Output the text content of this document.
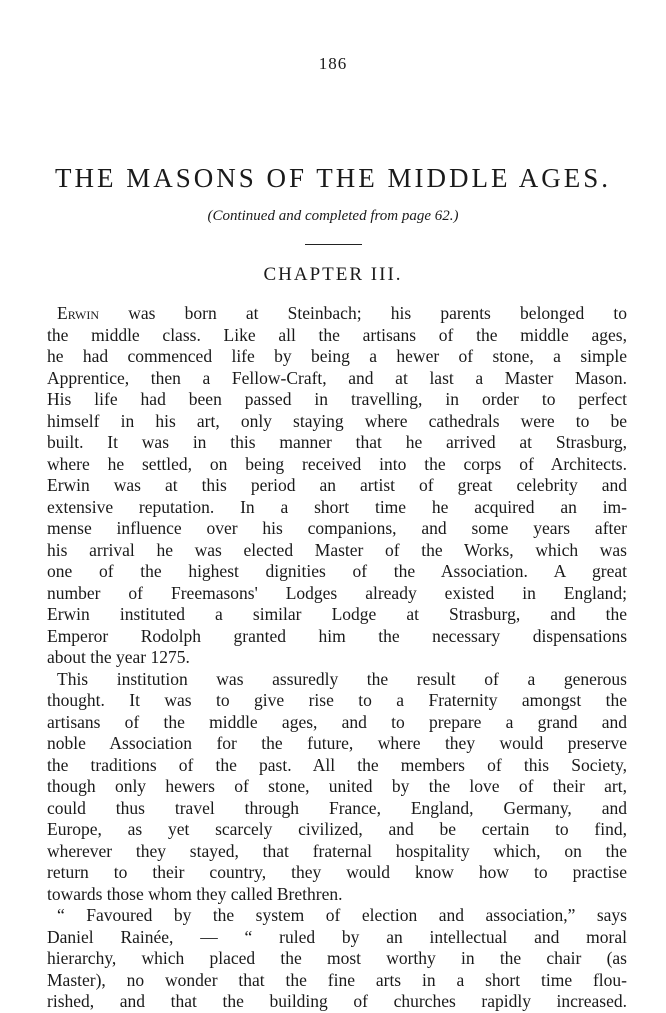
186
THE MASONS OF THE MIDDLE AGES.
(Continued and completed from page 62.)
CHAPTER III.
Erwin was born at Steinbach; his parents belonged to
the middle class. Like all the artisans of the middle ages,
he had commenced life by being a hewer of stone, a simple
Apprentice, then a Fellow-Craft, and at last a Master Mason.
His life had been passed in travelling, in order to perfect
himself in his art, only staying where cathedrals were to be
built. It was in this manner that he arrived at Strasburg,
where he settled, on being received into the corps of Architects.
Erwin was at this period an artist of great celebrity and
extensive reputation. In a short time he acquired an im-
mense influence over his companions, and some years after
his arrival he was elected Master of the Works, which was
one of the highest dignities of the Association. A great
number of Freemasons' Lodges already existed in England;
Erwin instituted a similar Lodge at Strasburg, and the
Emperor Rodolph granted him the necessary dispensations
about the year 1275.
This institution was assuredly the result of a generous
thought. It was to give rise to a Fraternity amongst the
artisans of the middle ages, and to prepare a grand and
noble Association for the future, where they would preserve
the traditions of the past. All the members of this Society,
though only hewers of stone, united by the love of their art,
could thus travel through France, England, Germany, and
Europe, as yet scarcely civilized, and be certain to find,
wherever they stayed, that fraternal hospitality which, on the
return to their country, they would know how to practise
towards those whom they called Brethren.
“ Favoured by the system of election and association,” says
Daniel Rainée, — “ ruled by an intellectual and moral
hierarchy, which placed the most worthy in the chair (as
Master), no wonder that the fine arts in a short time flou-
rished, and that the building of churches rapidly increased.
